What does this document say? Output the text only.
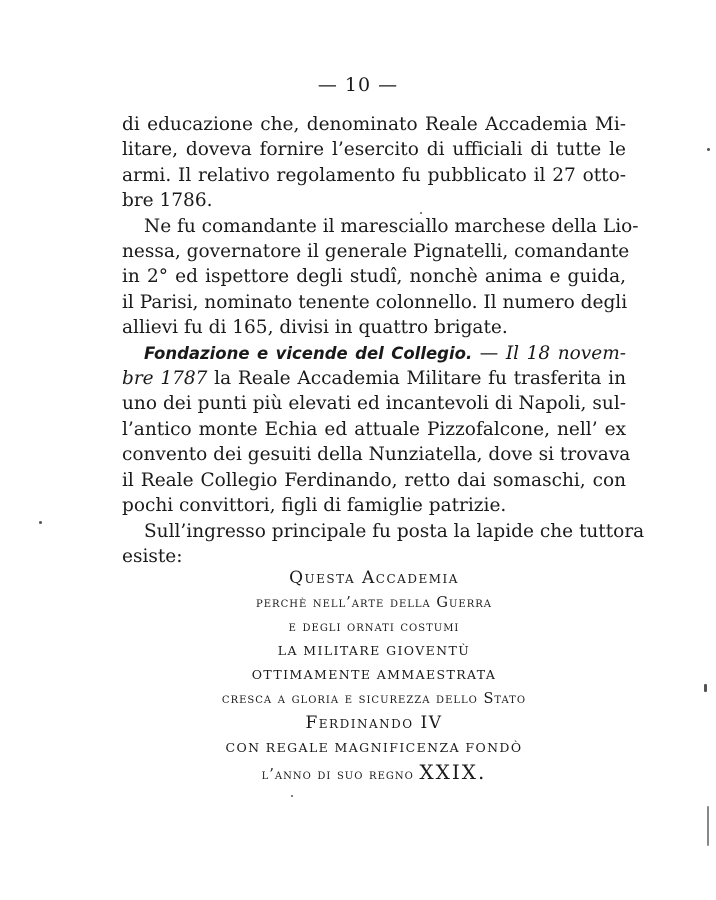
— 10 —
di educazione che, denominato Reale Accademia Mi-
litare, doveva fornire l’esercito di ufficiali di tutte le
armi. Il relativo regolamento fu pubblicato il 27 otto-
bre 1786.
Ne fu comandante il maresciallo marchese della Lio-
nessa, governatore il generale Pignatelli, comandante
in 2° ed ispettore degli studî, nonchè anima e guida,
il Parisi, nominato tenente colonnello. Il numero degli
allievi fu di 165, divisi in quattro brigate.
Fondazione e vicende del Collegio. — Il 18 novem-
bre 1787 la Reale Accademia Militare fu trasferita in
uno dei punti più elevati ed incantevoli di Napoli, sul-
l’antico monte Echia ed attuale Pizzofalcone, nell’ ex
convento dei gesuiti della Nunziatella, dove si trovava
il Reale Collegio Ferdinando, retto dai somaschi, con
pochi convittori, figli di famiglie patrizie.
Sull’ingresso principale fu posta la lapide che tuttora
esiste:
Questa Accademia
perchè nell’arte della Guerra
e degli ornati costumi
LA MILITARE GIOVENTÙ
OTTIMAMENTE AMMAESTRATA
cresca a gloria e sicurezza dello Stato
Ferdinando IV
CON REGALE MAGNIFICENZA FONDÒ
l’anno di suo regno XXIX.
